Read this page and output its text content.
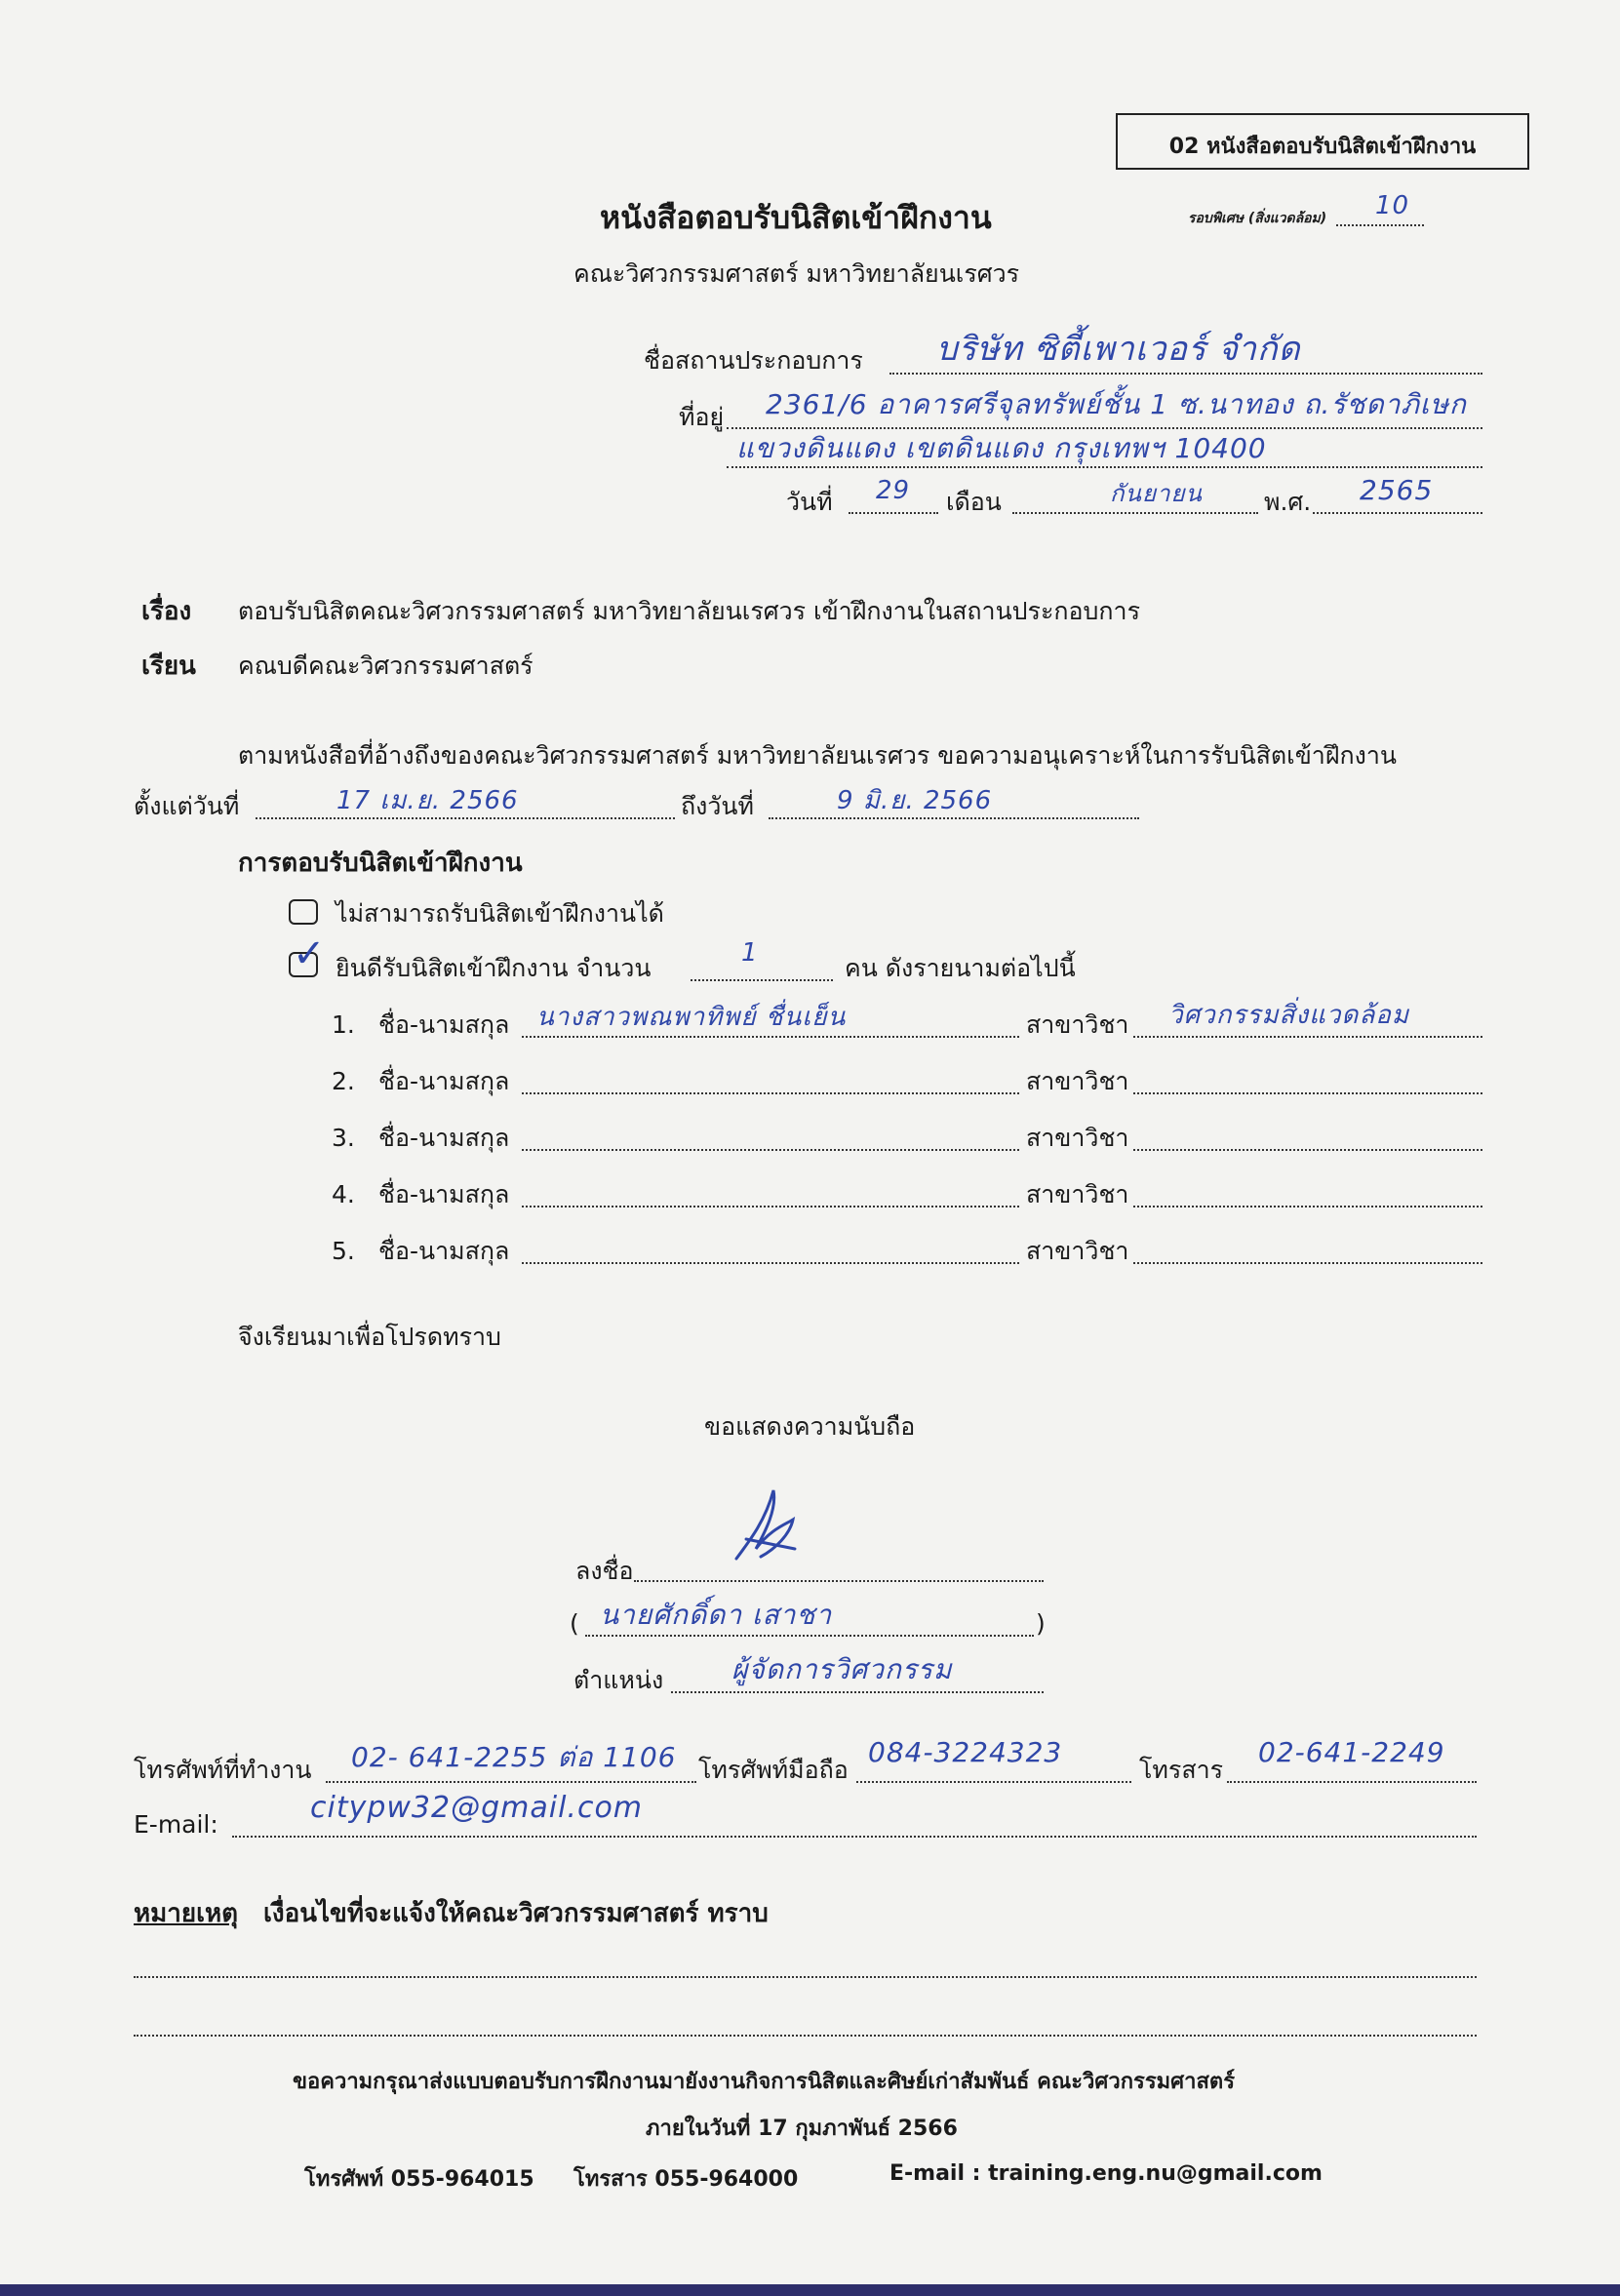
02 หนังสือตอบรับนิสิตเข้าฝึกงาน
หนังสือตอบรับนิสิตเข้าฝึกงาน	รอบพิเศษ (สิ่งแวดล้อม) 10
คณะวิศวกรรมศาสตร์ มหาวิทยาลัยนเรศวร
ชื่อสถานประกอบการ บริษัท ซิตี้เพาเวอร์ จำกัด
ที่อยู่ 2361/6 อาคารศรีจุลทรัพย์ชั้น 1 ซ.นาทอง ถ.รัชดาภิเษก
แขวงดินแดง เขตดินแดง กรุงเทพฯ 10400
วันที่ 29 เดือน	กันยายน	พ.ศ. 2565
เรื่อง ตอบรับนิสิตคณะวิศวกรรมศาสตร์ มหาวิทยาลัยนเรศวร เข้าฝึกงานในสถานประกอบการ
เรียน คณบดีคณะวิศวกรรมศาสตร์
ตามหนังสือที่อ้างถึงของคณะวิศวกรรมศาสตร์ มหาวิทยาลัยนเรศวร ขอความอนุเคราะห์ในการรับนิสิตเข้าฝึกงาน
ตั้งแต่วันที่	17 เม.ย. 2566	ถึงวันที่	9 มิ.ย. 2566
การตอบรับนิสิตเข้าฝึกงาน
ไม่สามารถรับนิสิตเข้าฝึกงานได้
✓ ยินดีรับนิสิตเข้าฝึกงาน จำนวน
1
คน ดังรายนามต่อไปนี้
1. ชื่อ-นามสกุล นางสาวพณพาทิพย์ ชื่นเย็น	สาขาวิชา วิศวกรรมสิ่งแวดล้อม
2. ชื่อ-นามสกุล	สาขาวิชา
3. ชื่อ-นามสกุล	สาขาวิชา
4. ชื่อ-นามสกุล	สาขาวิชา
5. ชื่อ-นามสกุล	สาขาวิชา
จึงเรียนมาเพื่อโปรดทราบ
ขอแสดงความนับถือ
ลงชื่อ
( นายศักดิ์ดา เสาชา	)
ตำแหน่ง ผู้จัดการวิศวกรรม
โทรศัพท์ที่ทำงาน 02- 641-2255 ต่อ 1106 โทรศัพท์มือถือ
084-3224323
โทรสาร
02-641-2249
E-mail:	citypw32@gmail.com
หมายเหตุ เงื่อนไขที่จะแจ้งให้คณะวิศวกรรมศาสตร์ ทราบ
ขอความกรุณาส่งแบบตอบรับการฝึกงานมายังงานกิจการนิสิตและศิษย์เก่าสัมพันธ์ คณะวิศวกรรมศาสตร์
ภายในวันที่ 17 กุมภาพันธ์ 2566
โทรศัพท์ 055-964015 โทรสาร 055-964000	E-mail : training.eng.nu@gmail.com
